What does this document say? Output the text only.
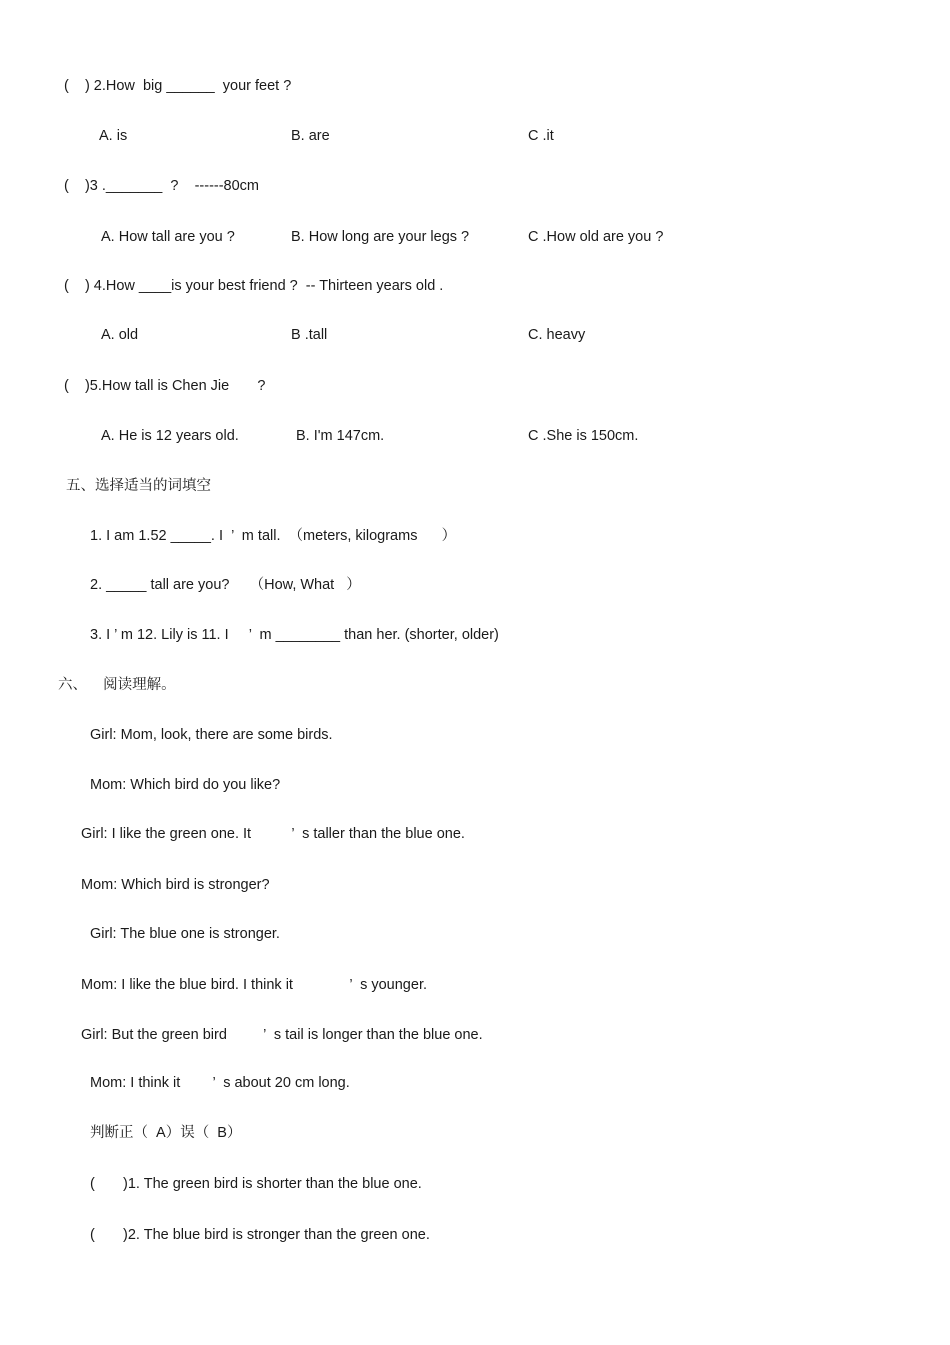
(    ) 2.How  big ______  your feet ?
A. is	B. are	C .it
(    )3 ._______  ?    ------80cm
A. How tall are you ?	B. How long are your legs ?	C .How old are you ?
(    ) 4.How ____is your best friend ?  -- Thirteen years old .
A. old	B .tall	C. heavy
(    )5.How tall is Chen Jie       ?
A. He is 12 years old.	B. I'm 147cm.	C .She is 150cm.
五、选择适当的词填空
1. I am 1.52 _____. I  ’  m tall.  （meters, kilograms      ）
2. _____ tall are you?     （How, What   ）
3. I ’ m 12. Lily is 11. I     ’  m ________ than her. (shorter, older)
六、    阅读理解。
Girl: Mom, look, there are some birds.
Mom: Which bird do you like?
Girl: I like the green one. It          ’  s taller than the blue one.
Mom: Which bird is stronger?
Girl: The blue one is stronger.
Mom: I like the blue bird. I think it              ’  s younger.
Girl: But the green bird         ’  s tail is longer than the blue one.
Mom: I think it        ’  s about 20 cm long.
判断正（  A）误（  B）
(       )1. The green bird is shorter than the blue one.
(       )2. The blue bird is stronger than the green one.
